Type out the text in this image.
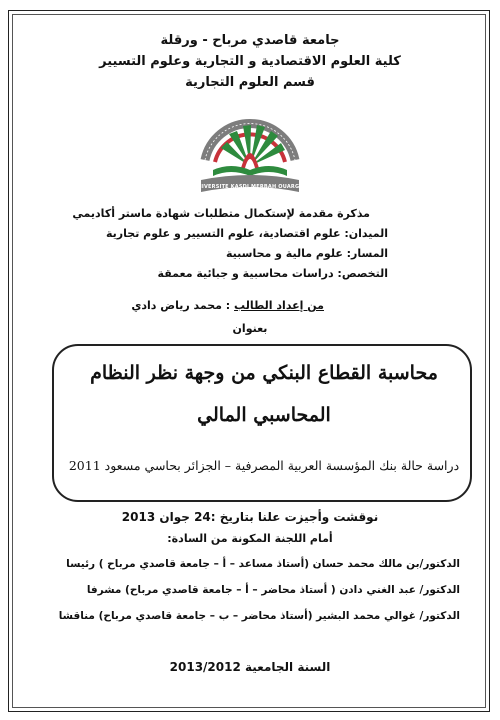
جامعة قاصدي مرباح - ورقلة
كلية العلوم الاقتصادية و التجارية وعلوم التسيير
قسم العلوم التجارية
UNIVERSITE KASDI MERBAH OUARGLA
مذكرة مقدمة لإستكمال متطلبات شهادة ماستر أكاديمي
الميدان: علوم اقتصادية، علوم التسيير و علوم تجارية
المسار: علوم مالية و محاسبية
التخصص: دراسات محاسبية و جبائية معمقة
من إعداد الطالب : محمد رياض دادي
بعنوان
محاسبة القطاع البنكي من وجهة نظر النظام
المحاسبي المالي
دراسة حالة بنك المؤسسة العربية المصرفية – الجزائر بحاسي مسعود 2011
نوقشت وأجيزت علنا بتاريخ :24 جوان 2013
أمام اللجنة المكونة من السادة:
الدكتور/بن مالك محمد حسان (أستاذ مساعد – أ – جامعة قاصدي مرباح ) رئيسا
الدكتور/ عبد الغني دادن ( أستاذ محاضر – أ – جامعة قاصدي مرباح) مشرفا
الدكتور/ غوالي محمد البشير (أستاذ محاضر – ب – جامعة قاصدي مرباح) مناقشا
السنة الجامعية 2013/2012
